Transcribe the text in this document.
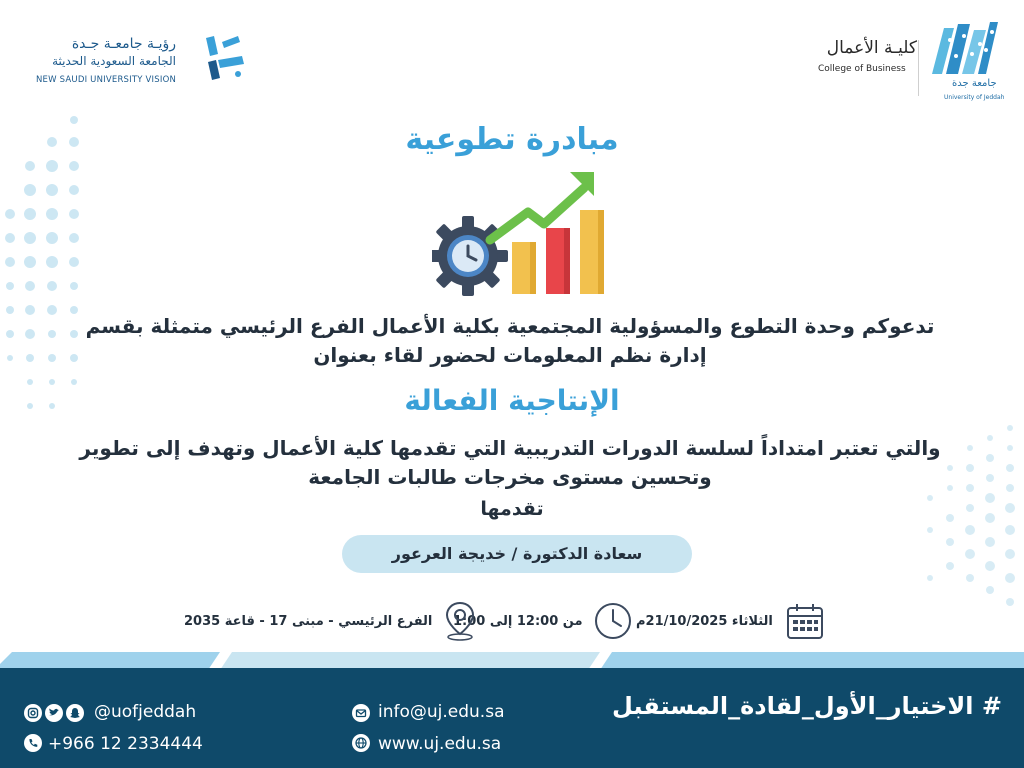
رؤيـة جامعـة جـدة
الجامعة السعودية الحديثة
NEW SAUDI UNIVERSITY VISION
كليـة الأعمال
College of Business
جامعة جدة
University of Jeddah
مبادرة تطوعية
تدعوكم وحدة التطوع والمسؤولية المجتمعية بكلية الأعمال الفرع الرئيسي متمثلة بقسم إدارة نظم المعلومات لحضور لقاء بعنوان
الإنتاجية الفعالة
والتي تعتبر امتداداً لسلسة الدورات التدريبية التي تقدمها كلية الأعمال وتهدف إلى تطوير وتحسين مستوى مخرجات طالبات الجامعة
تقدمها
سعادة الدكتورة / خديجة العرعور
الثلاثاء 21/10/2025م
من 12:00 إلى 1:00
الفرع الرئيسي - مبنى 17 - قاعة 2035
# الاختيار_الأول_لقادة_المستقبل
@uofjeddah
+966 12 2334444
info@uj.edu.sa
www.uj.edu.sa
